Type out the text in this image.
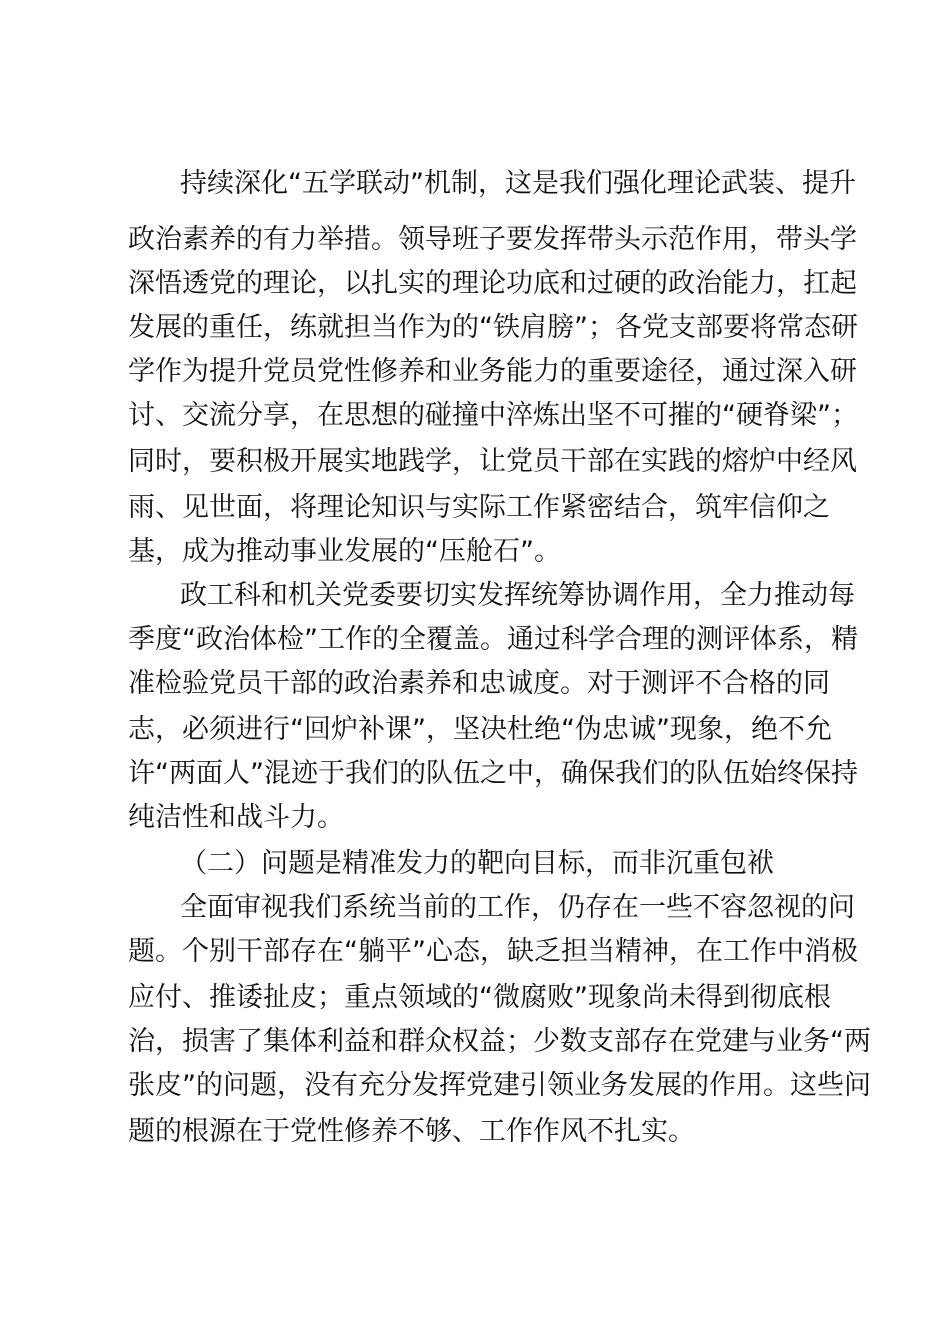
持续深化“五学联动”机制，这是我们强化理论武装、提升
政治素养的有力举措。领导班子要发挥带头示范作用，带头学
深悟透党的理论，以扎实的理论功底和过硬的政治能力，扛起
发展的重任，练就担当作为的“铁肩膀”；各党支部要将常态研
学作为提升党员党性修养和业务能力的重要途径，通过深入研
讨、交流分享，在思想的碰撞中淬炼出坚不可摧的“硬脊梁”；
同时，要积极开展实地践学，让党员干部在实践的熔炉中经风
雨、见世面，将理论知识与实际工作紧密结合，筑牢信仰之
基，成为推动事业发展的“压舱石”。
政工科和机关党委要切实发挥统筹协调作用，全力推动每
季度“政治体检”工作的全覆盖。通过科学合理的测评体系，精
准检验党员干部的政治素养和忠诚度。对于测评不合格的同
志，必须进行“回炉补课”，坚决杜绝“伪忠诚”现象，绝不允
许“两面人”混迹于我们的队伍之中，确保我们的队伍始终保持
纯洁性和战斗力。
（二）问题是精准发力的靶向目标，而非沉重包袱
全面审视我们系统当前的工作，仍存在一些不容忽视的问
题。个别干部存在“躺平”心态，缺乏担当精神，在工作中消极
应付、推诿扯皮；重点领域的“微腐败”现象尚未得到彻底根
治，损害了集体利益和群众权益；少数支部存在党建与业务“两
张皮”的问题，没有充分发挥党建引领业务发展的作用。这些问
题的根源在于党性修养不够、工作作风不扎实。
